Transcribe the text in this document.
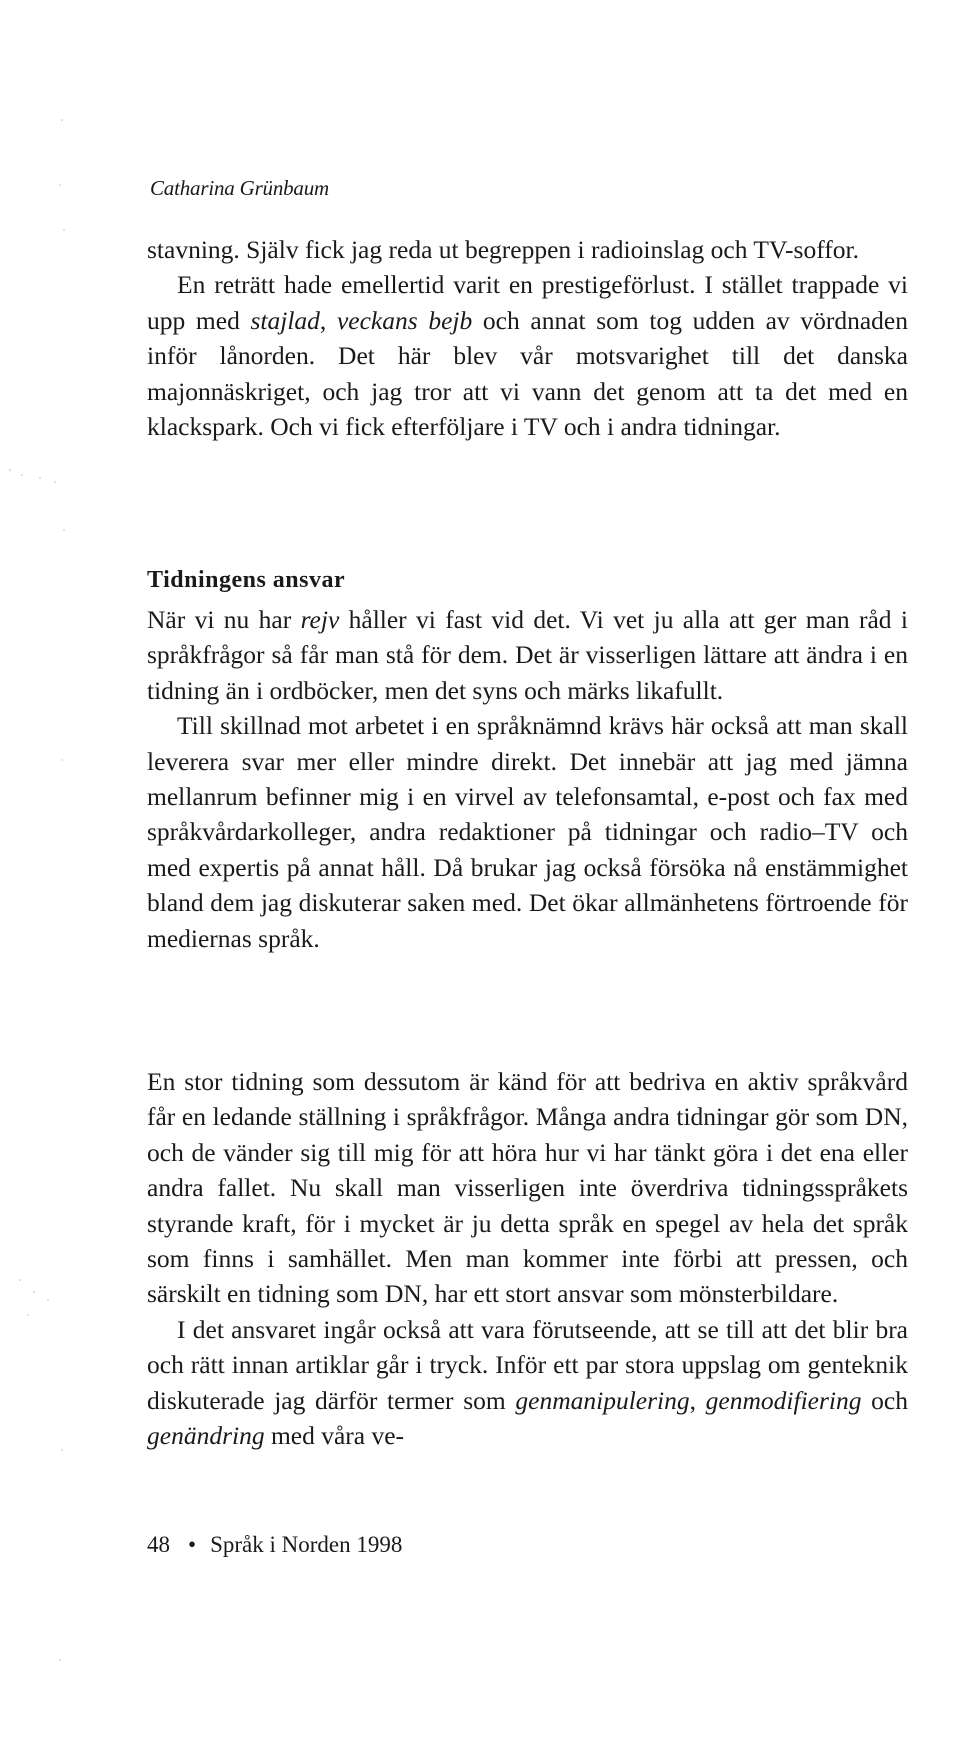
Catharina Grünbaum

stavning. Själv fick jag reda ut begreppen i radioinslag och TV-soffor.

En reträtt hade emellertid varit en prestigeförlust. I stället trappade vi upp med stajlad, veckans bejb och annat som tog udden av vördnaden inför lånorden. Det här blev vår motsvarighet till det danska majonnäskriget, och jag tror att vi vann det genom att ta det med en klackspark. Och vi fick efterföljare i TV och i andra tidningar.

Tidningens ansvar

När vi nu har rejv håller vi fast vid det. Vi vet ju alla att ger man råd i språkfrågor så får man stå för dem. Det är visserligen lättare att ändra i en tidning än i ordböcker, men det syns och märks likafullt.

Till skillnad mot arbetet i en språknämnd krävs här också att man skall leverera svar mer eller mindre direkt. Det innebär att jag med jämna mellanrum befinner mig i en virvel av telefonsamtal, e-post och fax med språkvårdarkolleger, andra redaktioner på tidningar och radio–TV och med expertis på annat håll. Då brukar jag också försöka nå enstämmighet bland dem jag diskuterar saken med. Det ökar allmänhetens förtroende för mediernas språk.

En stor tidning som dessutom är känd för att bedriva en aktiv språkvård får en ledande ställning i språkfrågor. Många andra tidningar gör som DN, och de vänder sig till mig för att höra hur vi har tänkt göra i det ena eller andra fallet. Nu skall man visserligen inte överdriva tidningsspråkets styrande kraft, för i mycket är ju detta språk en spegel av hela det språk som finns i samhället. Men man kommer inte förbi att pressen, och särskilt en tidning som DN, har ett stort ansvar som mönsterbildare.

I det ansvaret ingår också att vara förutseende, att se till att det blir bra och rätt innan artiklar går i tryck. Inför ett par stora uppslag om genteknik diskuterade jag därför termer som genmanipulering, genmodifiering och genändring med våra ve-

48 • Språk i Norden 1998
